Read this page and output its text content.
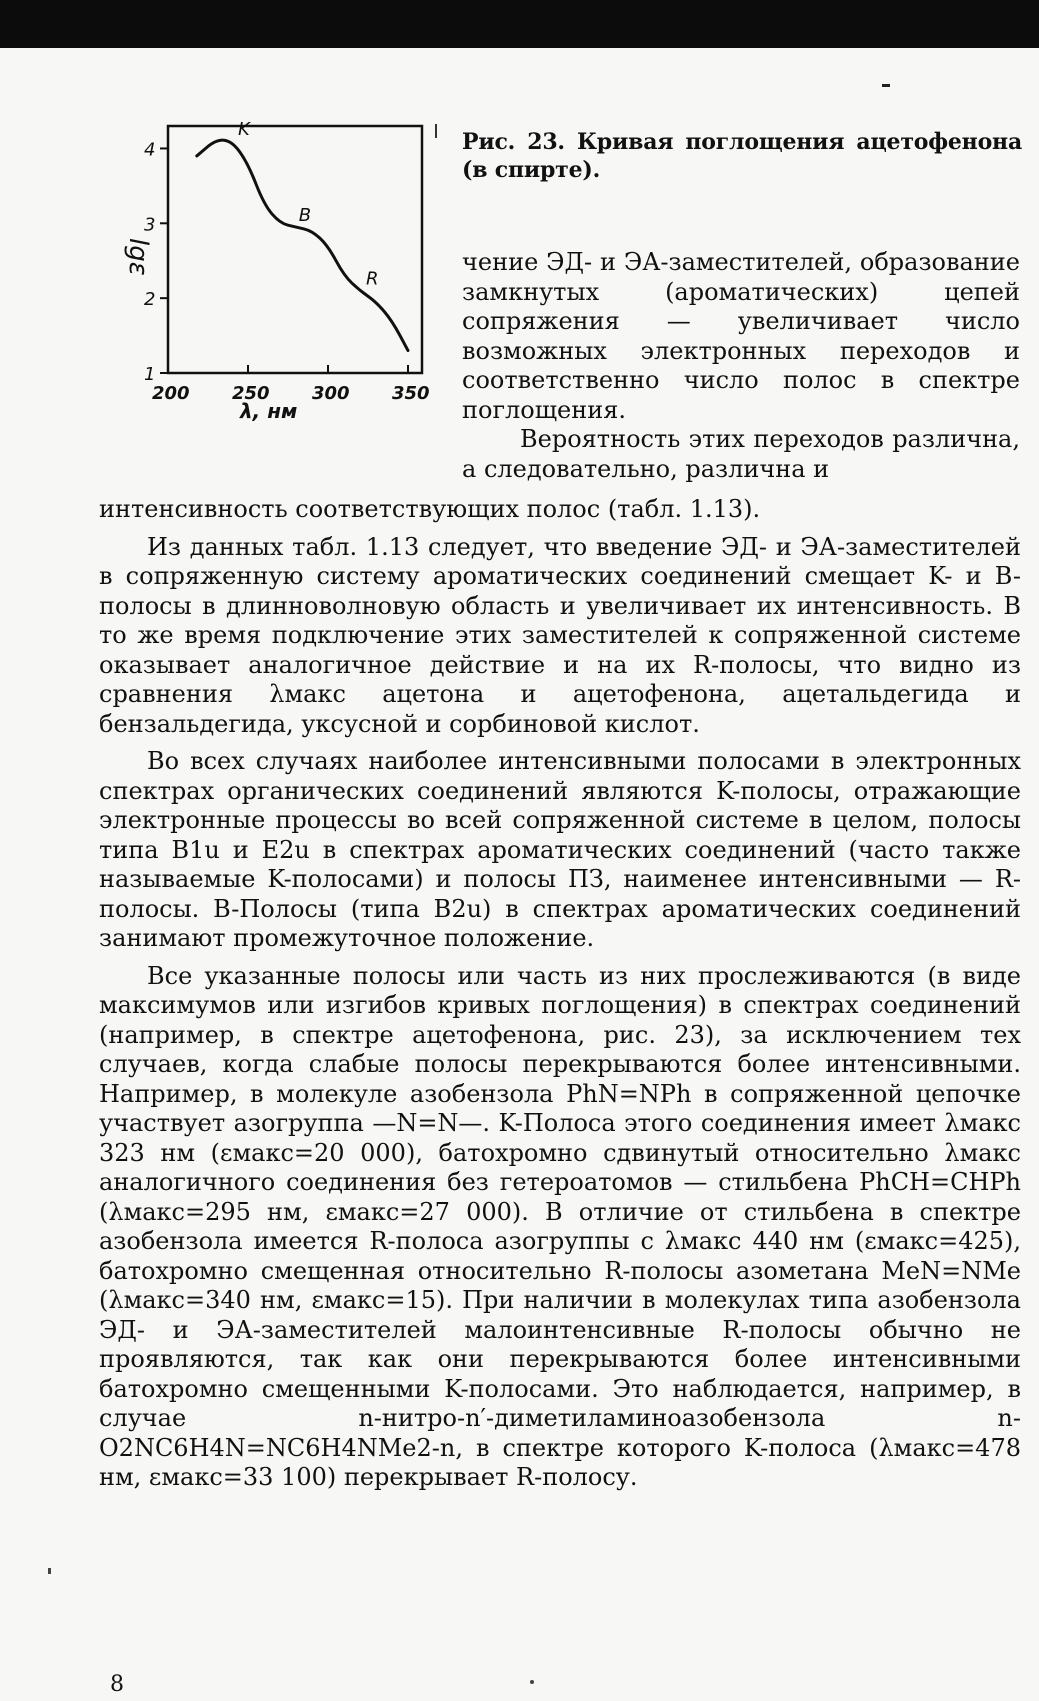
1
2
3
4
200 250 300 350
K
B
R
lgε
λ, нм
Рис. 23. Кривая поглощения ацетофенона (в спирте).

чение ЭД- и ЭА-заместителей, образование замкнутых (ароматических) цепей сопряжения — увеличивает число возможных электронных переходов и соответственно число полос в спектре поглощения.

Вероятность этих переходов различна, а следовательно, различна и

интенсивность соответствующих полос (табл. 1.13).

Из данных табл. 1.13 следует, что введение ЭД- и ЭА-заместителей в сопряженную систему ароматических соединений смещает K- и B-полосы в длинноволновую область и увеличивает их интенсивность. В то же время подключение этих заместителей к сопряженной системе оказывает аналогичное действие и на их R-полосы, что видно из сравнения λмакс ацетона и ацетофенона, ацетальдегида и бензальдегида, уксусной и сорбиновой кислот.

Во всех случаях наиболее интенсивными полосами в электронных спектрах органических соединений являются K-полосы, отражающие электронные процессы во всей сопряженной системе в целом, полосы типа B1u и E2u в спектрах ароматических соединений (часто также называемые K-полосами) и полосы ПЗ, наименее интенсивными — R-полосы. B-Полосы (типа B2u) в спектрах ароматических соединений занимают промежуточное положение.

Все указанные полосы или часть из них прослеживаются (в виде максимумов или изгибов кривых поглощения) в спектрах соединений (например, в спектре ацетофенона, рис. 23), за исключением тех случаев, когда слабые полосы перекрываются более интенсивными. Например, в молекуле азобензола PhN=NPh в сопряженной цепочке участвует азогруппа —N=N—. K-Полоса этого соединения имеет λмакс 323 нм (εмакс=20 000), батохромно сдвинутый относительно λмакс аналогичного соединения без гетероатомов — стильбена PhCH=CHPh (λмакс=295 нм, εмакс=27 000). В отличие от стильбена в спектре азобензола имеется R-полоса азогруппы с λмакс 440 нм (εмакс=425), батохромно смещенная относительно R-полосы азометана MeN=NMe (λмакс=340 нм, εмакс=15). При наличии в молекулах типа азобензола ЭД- и ЭА-заместителей малоинтенсивные R-полосы обычно не проявляются, так как они перекрываются более интенсивными батохромно смещенными K-полосами. Это наблюдается, например, в случае n-нитро-n′-диметиламиноазобензола n-O2NC6H4N=NC6H4NMe2-n, в спектре которого K-полоса (λмакс=478 нм, εмакс=33 100) перекрывает R-полосу.

8
